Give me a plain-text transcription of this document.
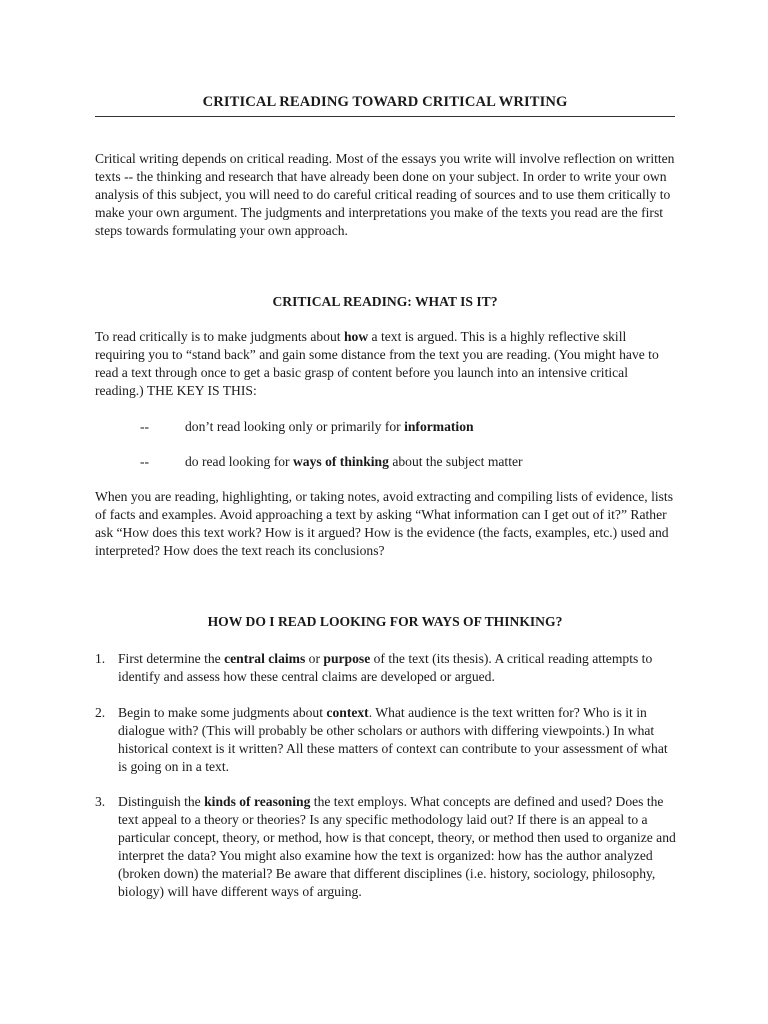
CRITICAL READING TOWARD CRITICAL WRITING

Critical writing depends on critical reading. Most of the essays you write will involve reflection on written texts -- the thinking and research that have already been done on your subject. In order to write your own analysis of this subject, you will need to do careful critical reading of sources and to use them critically to make your own argument. The judgments and interpretations you make of the texts you read are the first steps towards formulating your own approach.

CRITICAL READING: WHAT IS IT?

To read critically is to make judgments about how a text is argued. This is a highly reflective skill requiring you to “stand back” and gain some distance from the text you are reading. (You might have to read a text through once to get a basic grasp of content before you launch into an intensive critical reading.) THE KEY IS THIS:

--	don’t read looking only or primarily for information
--	do read looking for ways of thinking about the subject matter

When you are reading, highlighting, or taking notes, avoid extracting and compiling lists of evidence, lists of facts and examples. Avoid approaching a text by asking “What information can I get out of it?” Rather ask “How does this text work? How is it argued? How is the evidence (the facts, examples, etc.) used and interpreted? How does the text reach its conclusions?

HOW DO I READ LOOKING FOR WAYS OF THINKING?
1. First determine the central claims or purpose of the text (its thesis). A critical reading attempts to identify and assess how these central claims are developed or argued.
2. Begin to make some judgments about context. What audience is the text written for? Who is it in dialogue with? (This will probably be other scholars or authors with differing viewpoints.) In what historical context is it written? All these matters of context can contribute to your assessment of what is going on in a text.
3. Distinguish the kinds of reasoning the text employs. What concepts are defined and used? Does the text appeal to a theory or theories? Is any specific methodology laid out? If there is an appeal to a particular concept, theory, or method, how is that concept, theory, or method then used to organize and interpret the data? You might also examine how the text is organized: how has the author analyzed (broken down) the material? Be aware that different disciplines (i.e. history, sociology, philosophy, biology) will have different ways of arguing.
